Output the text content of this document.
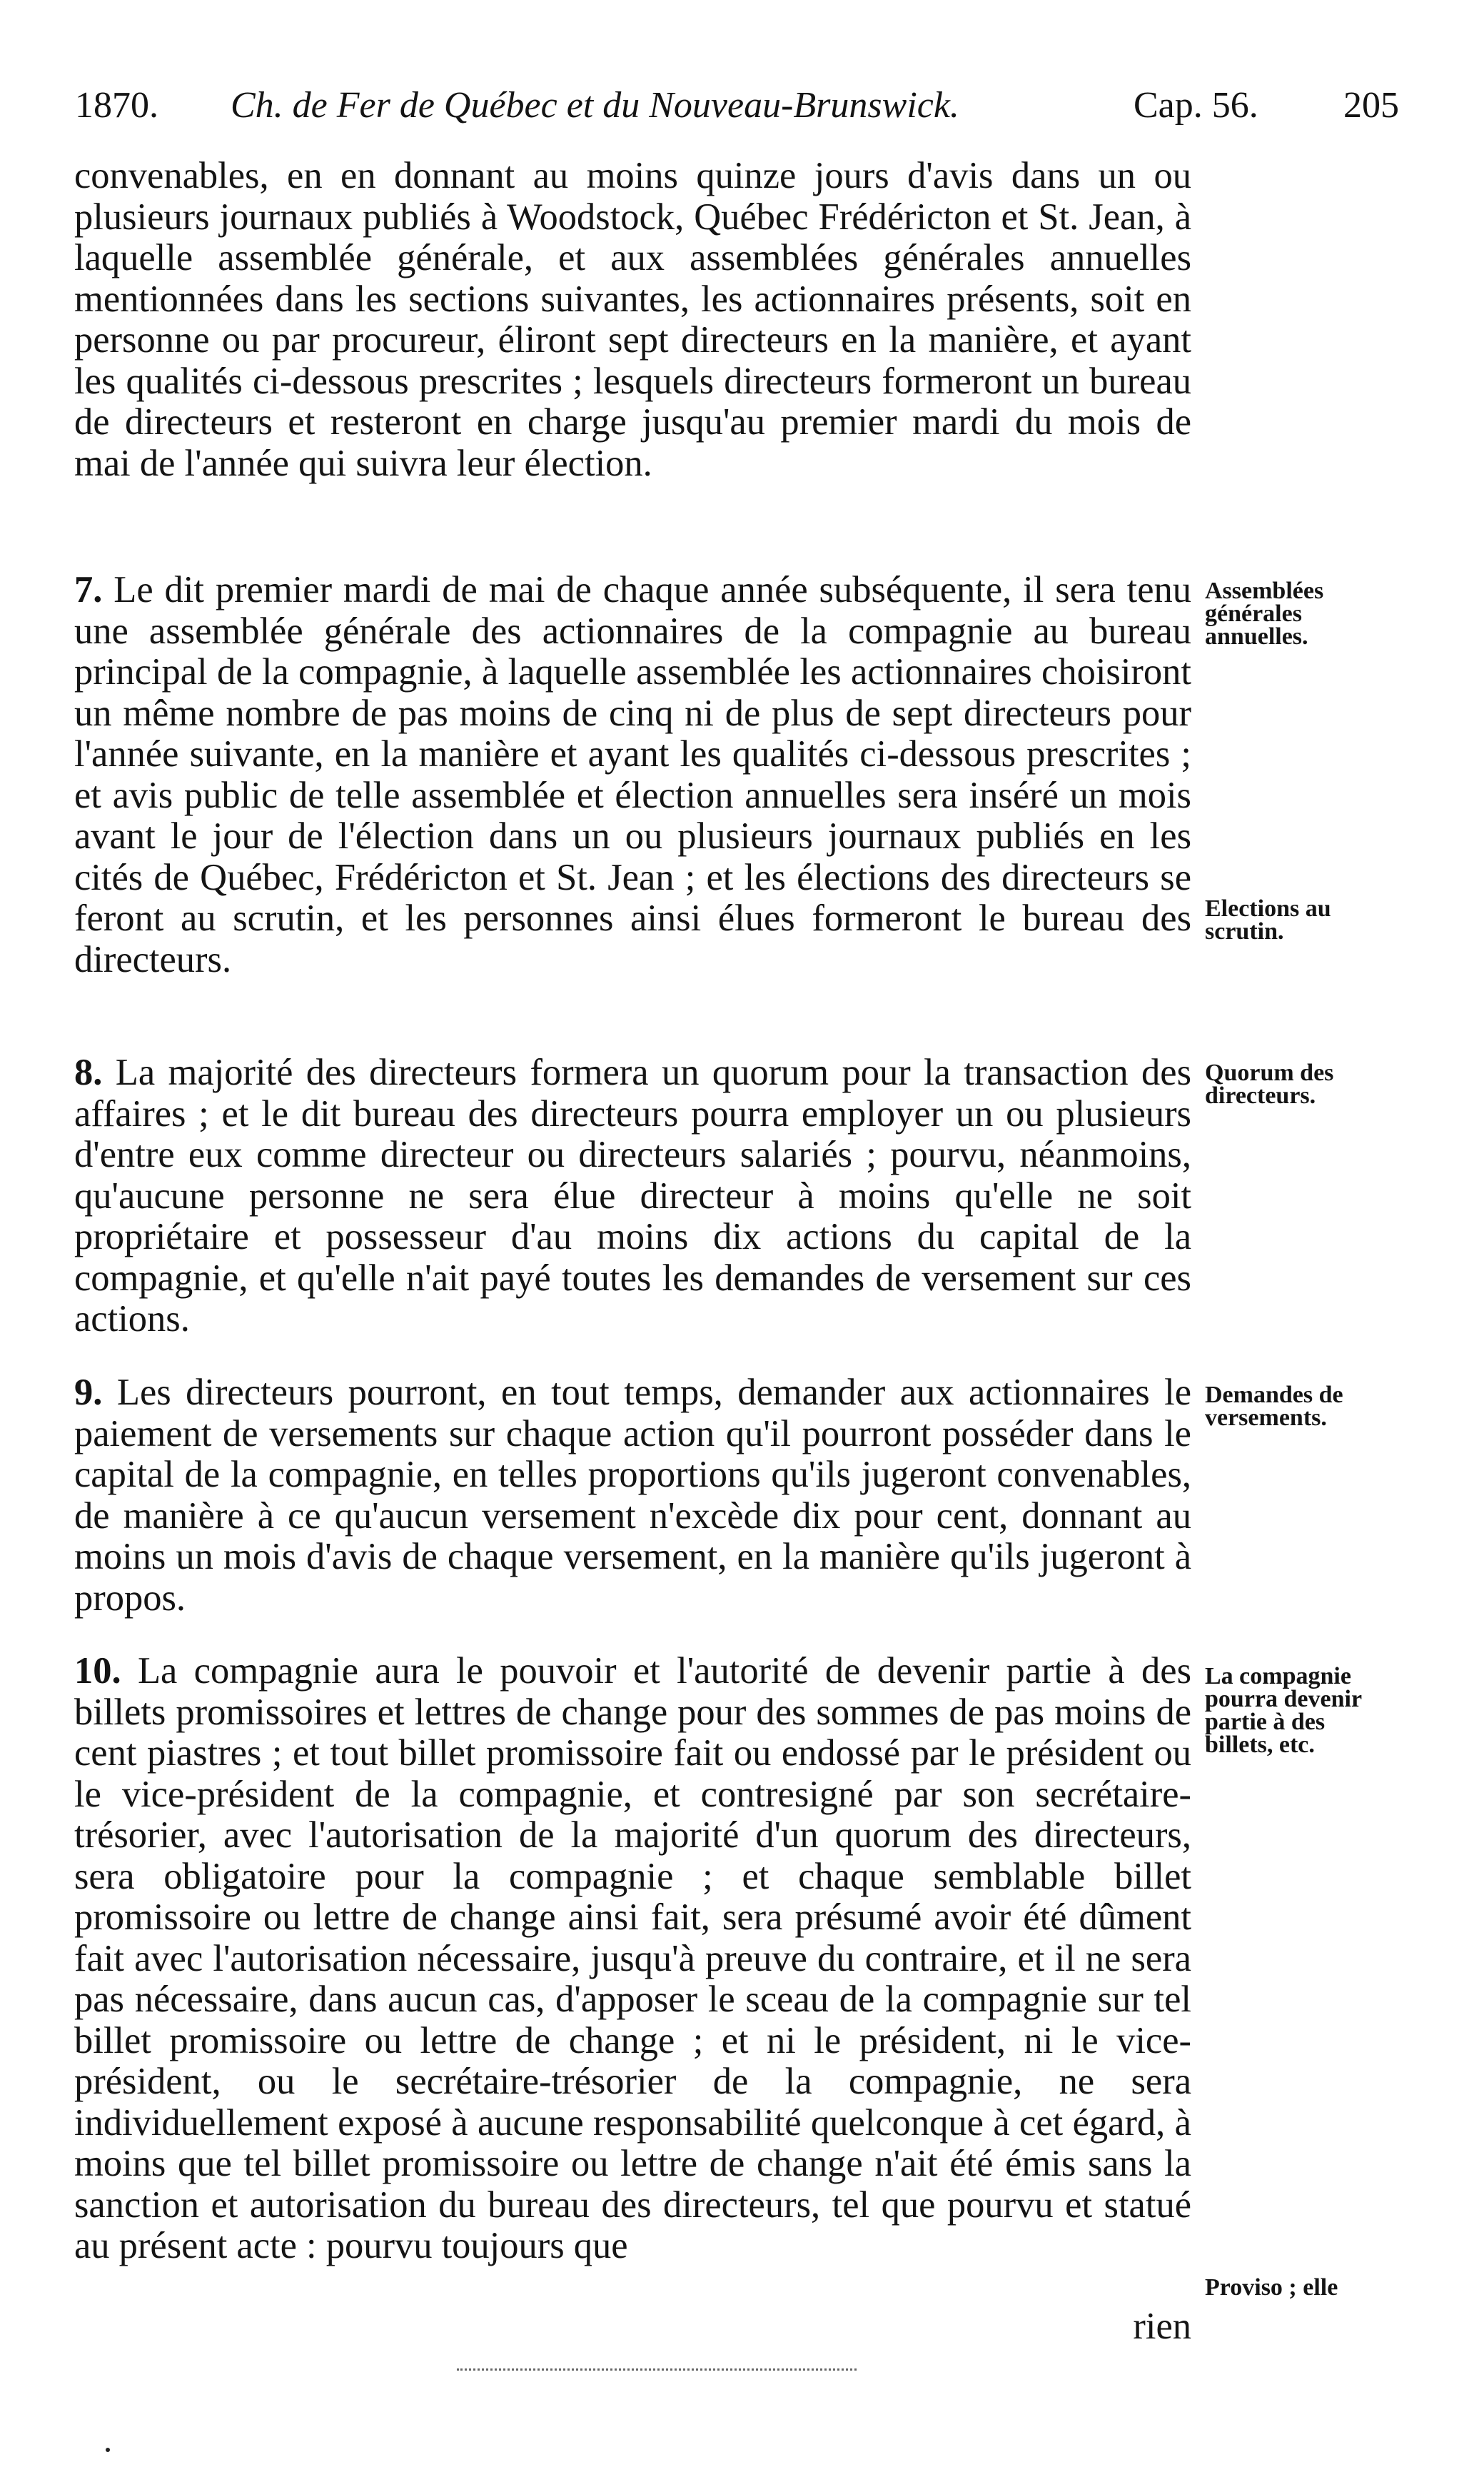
1870. Ch. de Fer de Québec et du Nouveau-Brunswick.	Cap. 56. 205

convenables, en en donnant au moins quinze jours d'avis dans un ou plusieurs journaux publiés à Woodstock, Québec Frédéricton et St. Jean, à laquelle assemblée générale, et aux assemblées générales annuelles mentionnées dans les sections suivantes, les actionnaires présents, soit en personne ou par procureur, éliront sept directeurs en la manière, et ayant les qualités ci-dessous prescrites ; lesquels directeurs formeront un bureau de directeurs et resteront en charge jusqu'au premier mardi du mois de mai de l'année qui suivra leur élection.

7. Le dit premier mardi de mai de chaque année subséquente, il sera tenu une assemblée générale des actionnaires de la compagnie au bureau principal de la compagnie, à laquelle assemblée les actionnaires choisiront un même nombre de pas moins de cinq ni de plus de sept directeurs pour l'année suivante, en la manière et ayant les qualités ci-dessous prescrites ; et avis public de telle assemblée et élection annuelles sera inséré un mois avant le jour de l'élection dans un ou plusieurs journaux publiés en les cités de Québec, Frédéricton et St. Jean ; et les élections des directeurs se feront au scrutin, et les personnes ainsi élues formeront le bureau des directeurs.

8. La majorité des directeurs formera un quorum pour la transaction des affaires ; et le dit bureau des directeurs pourra employer un ou plusieurs d'entre eux comme directeur ou directeurs salariés ; pourvu, néanmoins, qu'aucune personne ne sera élue directeur à moins qu'elle ne soit propriétaire et possesseur d'au moins dix actions du capital de la compagnie, et qu'elle n'ait payé toutes les demandes de versement sur ces actions.

9. Les directeurs pourront, en tout temps, demander aux actionnaires le paiement de versements sur chaque action qu'il pourront posséder dans le capital de la compagnie, en telles proportions qu'ils jugeront convenables, de manière à ce qu'aucun versement n'excède dix pour cent, donnant au moins un mois d'avis de chaque versement, en la manière qu'ils jugeront à propos.

10. La compagnie aura le pouvoir et l'autorité de devenir partie à des billets promissoires et lettres de change pour des sommes de pas moins de cent piastres ; et tout billet promissoire fait ou endossé par le président ou le vice-président de la compagnie, et contresigné par son secrétaire-trésorier, avec l'autorisation de la majorité d'un quorum des directeurs, sera obligatoire pour la compagnie ; et chaque semblable billet promissoire ou lettre de change ainsi fait, sera présumé avoir été dûment fait avec l'autorisation nécessaire, jusqu'à preuve du contraire, et il ne sera pas nécessaire, dans aucun cas, d'apposer le sceau de la compagnie sur tel billet promissoire ou lettre de change ; et ni le président, ni le vice-président, ou le secrétaire-trésorier de la compagnie, ne sera individuellement exposé à aucune responsabilité quelconque à cet égard, à moins que tel billet promissoire ou lettre de change n'ait été émis sans la sanction et autorisation du bureau des directeurs, tel que pourvu et statué au présent acte : pourvu toujours que

rien
Assemblées générales annuelles.
Elections au scrutin.
Quorum des directeurs.
Demandes de versements.
La compagnie pourra devenir partie à des billets, etc.
Proviso ; elle
